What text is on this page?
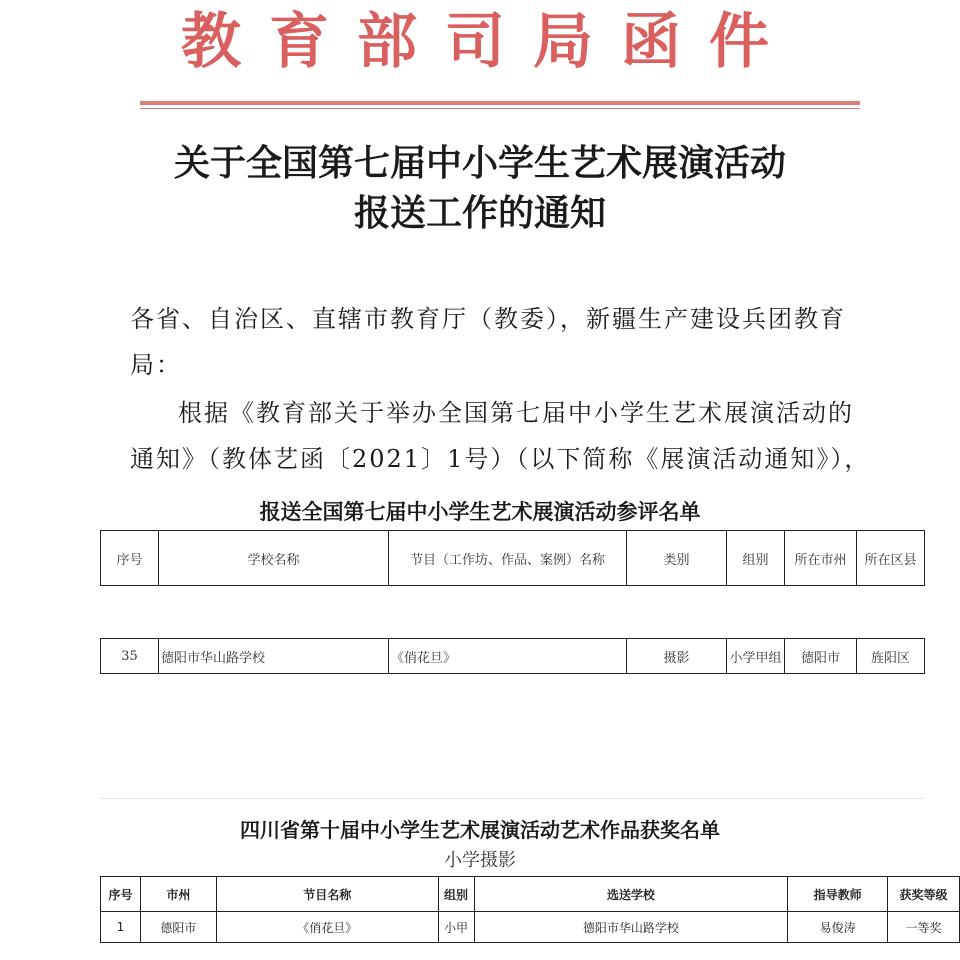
教育部司局函件
关于全国第七届中小学生艺术展演活动
报送工作的通知
各省、自治区、直辖市教育厅（教委），新疆生产建设兵团教育
局：
根据《教育部关于举办全国第七届中小学生艺术展演活动的
通知》（教体艺函〔2021〕1号）（以下简称《展演活动通知》），
报送全国第七届中小学生艺术展演活动参评名单
序号	学校名称	节目（工作坊、作品、案例）名称	类别	组别	所在市州	所在区县

35	德阳市华山路学校	《俏花旦》	摄影	小学甲组	德阳市	旌阳区
四川省第十届中小学生艺术展演活动艺术作品获奖名单
小学摄影
序号	市州	节目名称	组别	选送学校	指导教师	获奖等级
1	德阳市	《俏花旦》	小甲	德阳市华山路学校	易俊涛	一等奖
